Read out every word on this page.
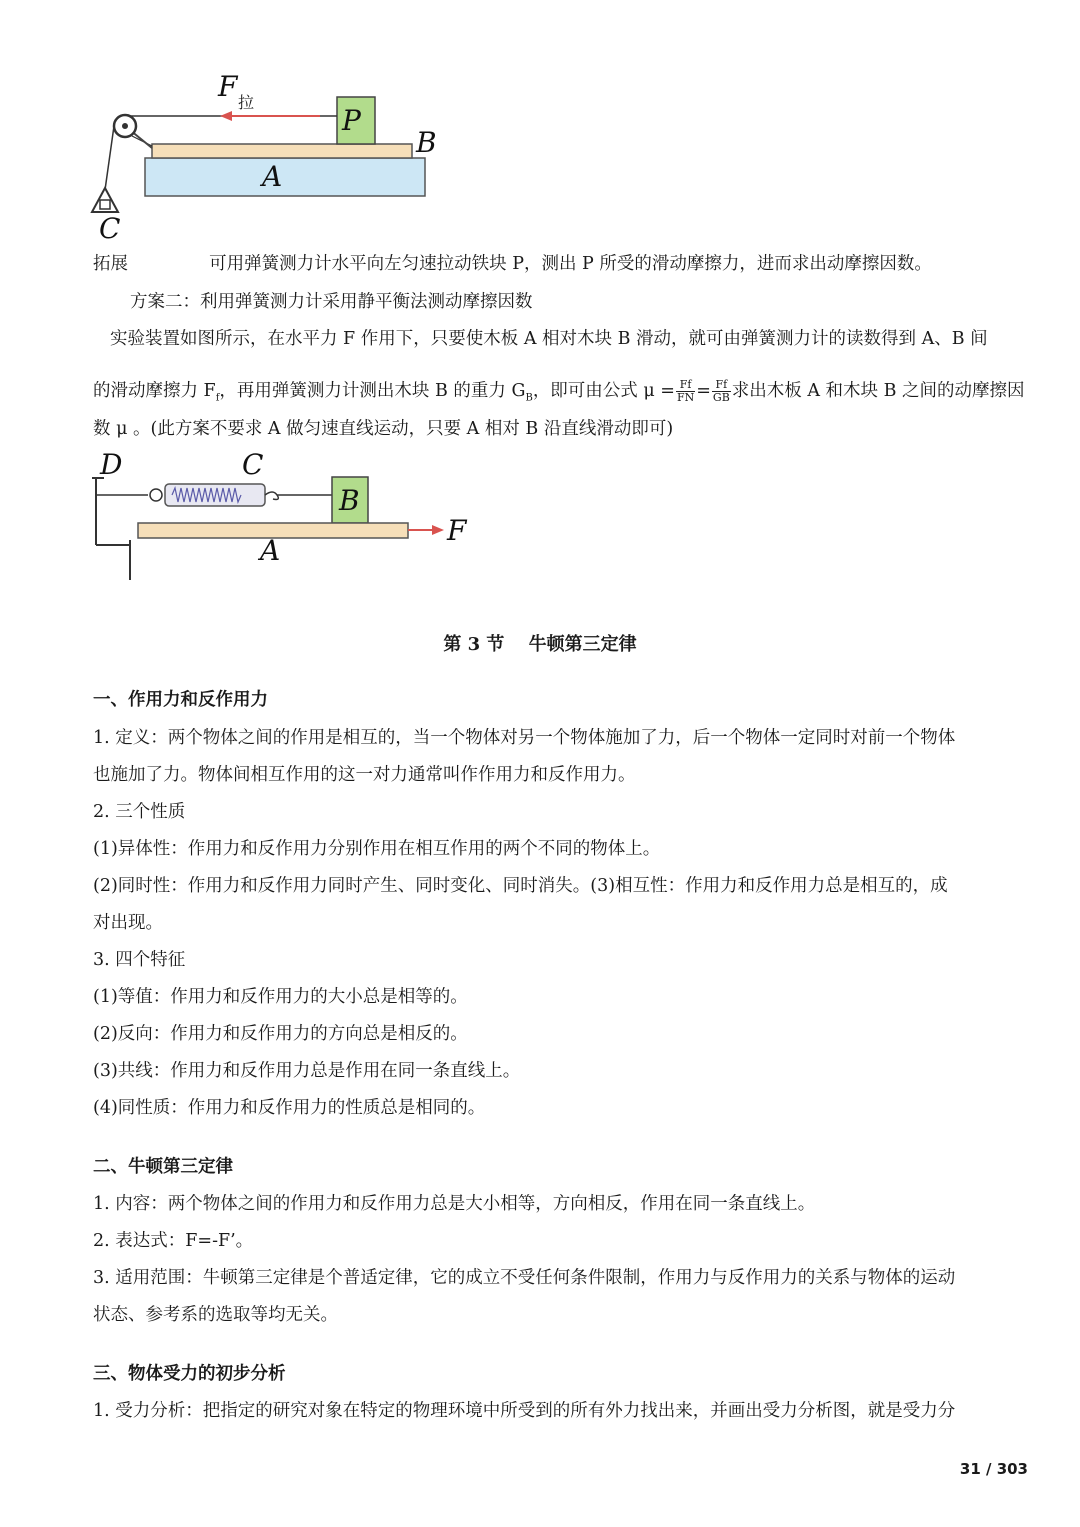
F 拉
P
B
A
C
拓展	可用弹簧测力计水平向左匀速拉动铁块 P，测出 P 所受的滑动摩擦力，进而求出动摩擦因数。
方案二：利用弹簧测力计采用静平衡法测动摩擦因数
实验装置如图所示，在水平力 F 作用下，只要使木板 A 相对木块 B 滑动，就可由弹簧测力计的读数得到 A、B 间
的滑动摩擦力 $F_f$，再用弹簧测力计测出木块 B 的重力 $G_B$，即可由公式 $\mu = \frac{Ff}{FN} = \frac{Ff}{GB}$ 求出木板 A 和木块 B 之间的动摩擦因
数 μ 。(此方案不要求 A 做匀速直线运动，只要 A 相对 B 沿直线滑动即可)
D	C
B
A
F
第 3 节　 牛顿第三定律
一、作用力和反作用力
1. 定义：两个物体之间的作用是相互的，当一个物体对另一个物体施加了力，后一个物体一定同时对前一个物体
也施加了力。物体间相互作用的这一对力通常叫作作用力和反作用力。
2. 三个性质
(1)异体性：作用力和反作用力分别作用在相互作用的两个不同的物体上。
(2)同时性：作用力和反作用力同时产生、同时变化、同时消失。(3)相互性：作用力和反作用力总是相互的，成
对出现。
3. 四个特征
(1)等值：作用力和反作用力的大小总是相等的。
(2)反向：作用力和反作用力的方向总是相反的。
(3)共线：作用力和反作用力总是作用在同一条直线上。
(4)同性质：作用力和反作用力的性质总是相同的。
二、牛顿第三定律
1. 内容：两个物体之间的作用力和反作用力总是大小相等，方向相反，作用在同一条直线上。
2. 表达式：F=-F’。
3. 适用范围：牛顿第三定律是个普适定律，它的成立不受任何条件限制，作用力与反作用力的关系与物体的运动
状态、参考系的选取等均无关。
三、物体受力的初步分析
1. 受力分析：把指定的研究对象在特定的物理环境中所受到的所有外力找出来，并画出受力分析图，就是受力分
31 / 303
